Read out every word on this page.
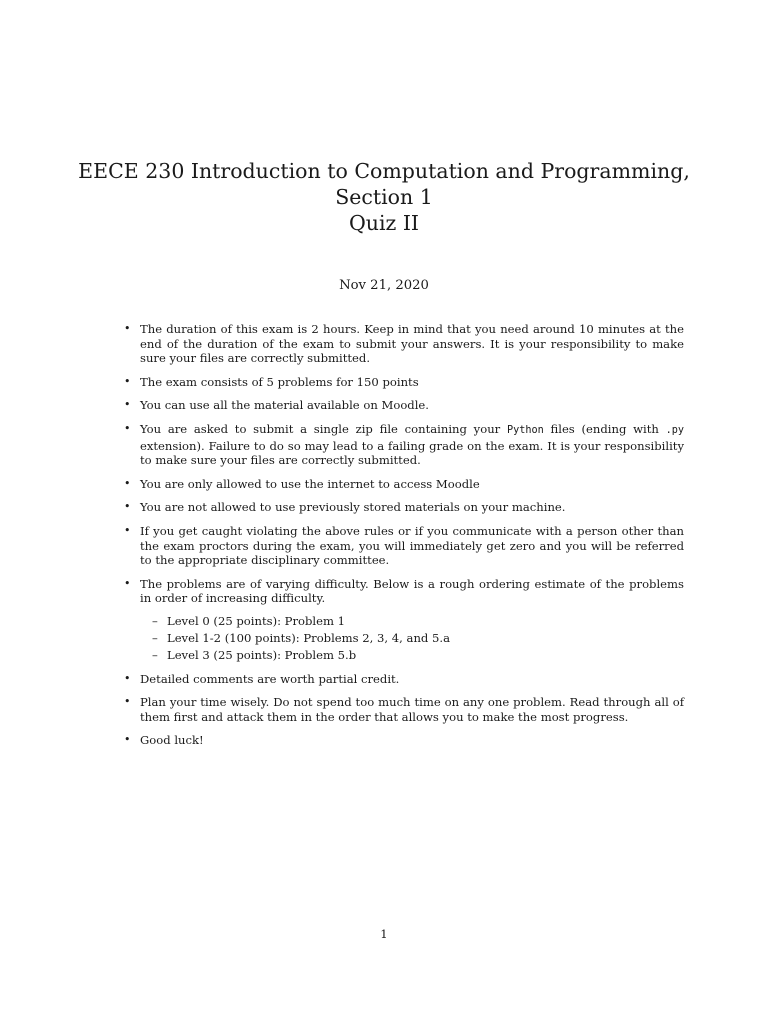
EECE 230 Introduction to Computation and Programming,
Section 1
Quiz II
Nov 21, 2020
• The duration of this exam is 2 hours. Keep in mind that you need around 10 minutes at the end of the duration of the exam to submit your answers. It is your responsibility to make sure your files are correctly submitted.
• The exam consists of 5 problems for 150 points
• You can use all the material available on Moodle.
• You are asked to submit a single zip file containing your Python files (ending with .py extension). Failure to do so may lead to a failing grade on the exam. It is your responsibility to make sure your files are correctly submitted.
• You are only allowed to use the internet to access Moodle
• You are not allowed to use previously stored materials on your machine.
• If you get caught violating the above rules or if you communicate with a person other than the exam proctors during the exam, you will immediately get zero and you will be referred to the appropriate disciplinary committee.
• The problems are of varying difficulty. Below is a rough ordering estimate of the problems in order of increasing difficulty.
– Level 0 (25 points): Problem 1
– Level 1-2 (100 points): Problems 2, 3, 4, and 5.a
– Level 3 (25 points): Problem 5.b
• Detailed comments are worth partial credit.
• Plan your time wisely. Do not spend too much time on any one problem. Read through all of them first and attack them in the order that allows you to make the most progress.
• Good luck!
1
